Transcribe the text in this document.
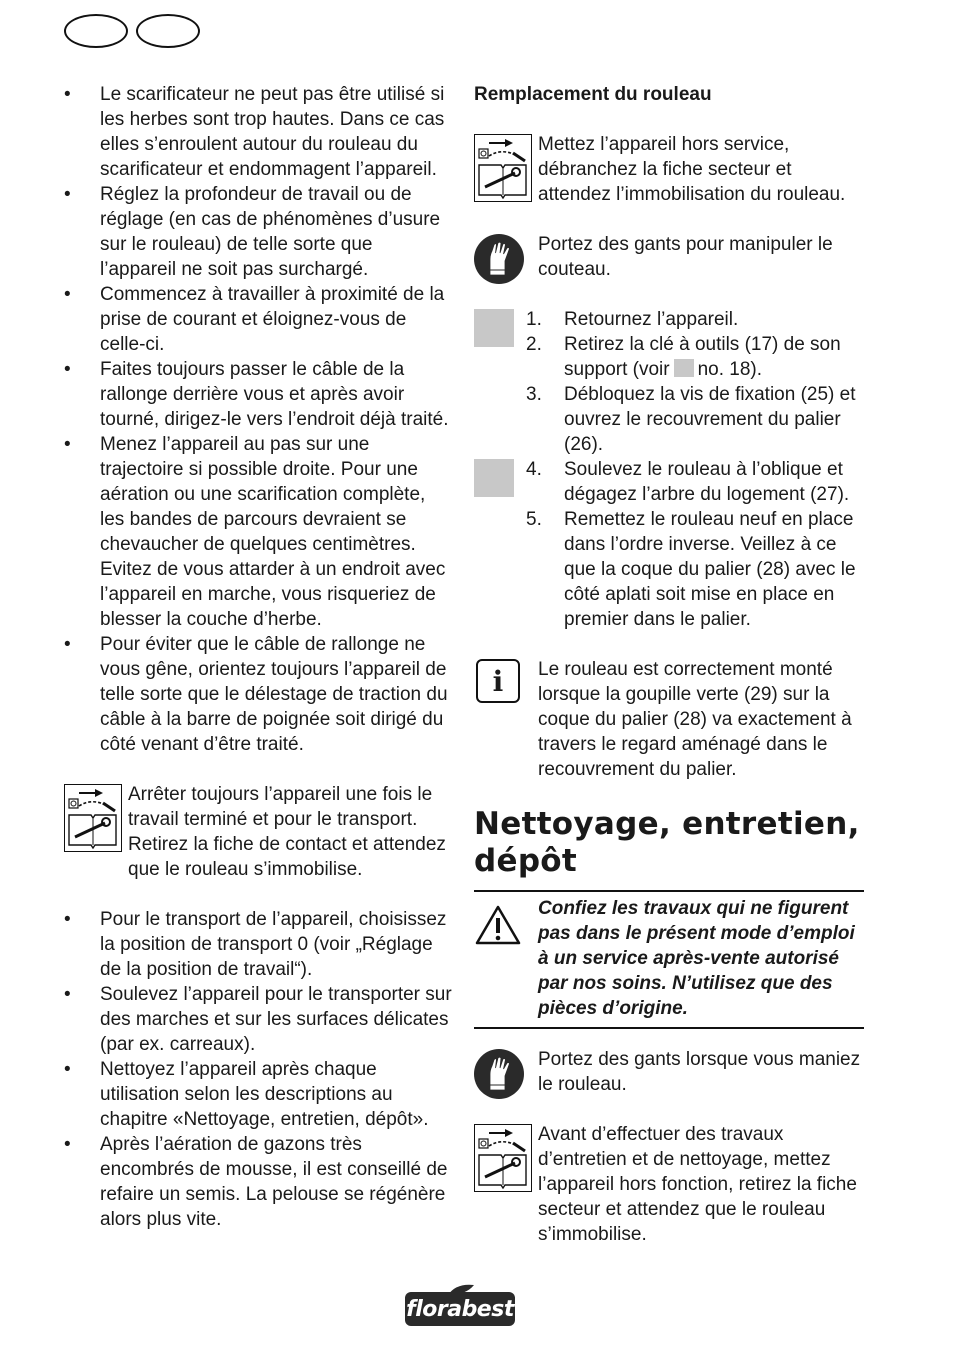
• Le scarificateur ne peut pas être utilisé si les herbes sont trop hautes. Dans ce cas elles s’enroulent autour du rouleau du scarificateur et endommagent l’appareil.
• Réglez la profondeur de travail ou de réglage (en cas de phénomènes d’usure sur le rouleau) de telle sorte que l’appareil ne soit pas surchargé.
• Commencez à travailler à proximité de la prise de courant et éloignez-vous de celle-ci.
• Faites toujours passer le câble de la rallonge derrière vous et après avoir tourné, dirigez-le vers l’endroit déjà traité.
• Menez l’appareil au pas sur une trajectoire si possible droite. Pour une aération ou une scarification complète, les bandes de parcours devraient se chevaucher de quelques centimètres. Evitez de vous attarder à un endroit avec l’appareil en marche, vous risqueriez de blesser la couche d’herbe.
• Pour éviter que le câble de rallonge ne vous gêne, orientez toujours l’appareil de telle sorte que le délestage de traction du câble à la barre de poignée soit dirigé du côté venant d’être traité.
Arrêter toujours l’appareil une fois le travail terminé et pour le transport. Retirez la fiche de contact et attendez que le rouleau s’immobilise.
• Pour le transport de l’appareil, choisissez la position de transport 0 (voir „Réglage de la position de travail“).
• Soulevez l’appareil pour le transporter sur des marches et sur les surfaces délicates (par ex. carreaux).
• Nettoyez l’appareil après chaque utilisation selon les descriptions au chapitre «Nettoyage, entretien, dépôt».
• Après l’aération de gazons très encombrés de mousse, il est conseillé de refaire un semis. La pelouse se régénère alors plus vite.
Remplacement du rouleau
Mettez l’appareil hors service, débranchez la fiche secteur et attendez l’immobilisation du rouleau.
Portez des gants pour manipuler le couteau.
1. Retournez l’appareil.
2. Retirez la clé à outils (17) de son support (voir no. 18).
3. Débloquez la vis de fixation (25) et ouvrez le recouvrement du palier (26).
4. Soulevez le rouleau à l’oblique et dégagez l’arbre du logement (27).
5. Remettez le rouleau neuf en place dans l’ordre inverse. Veillez à ce que la coque du palier (28) avec le côté aplati soit mise en place en premier dans le palier.
i	Le rouleau est correctement monté lorsque la goupille verte (29) sur la coque du palier (28) va exactement à travers le regard aménagé dans le recouvrement du palier.
Nettoyage, entretien,
dépôt
Confiez les travaux qui ne figurent pas dans le présent mode d’emploi à un service après-vente autorisé par nos soins. N’utilisez que des pièces d’origine.
Portez des gants lorsque vous maniez le rouleau.
Avant d’effectuer des travaux d’entretien et de nettoyage, mettez l’appareil hors fonction, retirez la fiche secteur et attendez que le rouleau s’immobilise.
florabest
